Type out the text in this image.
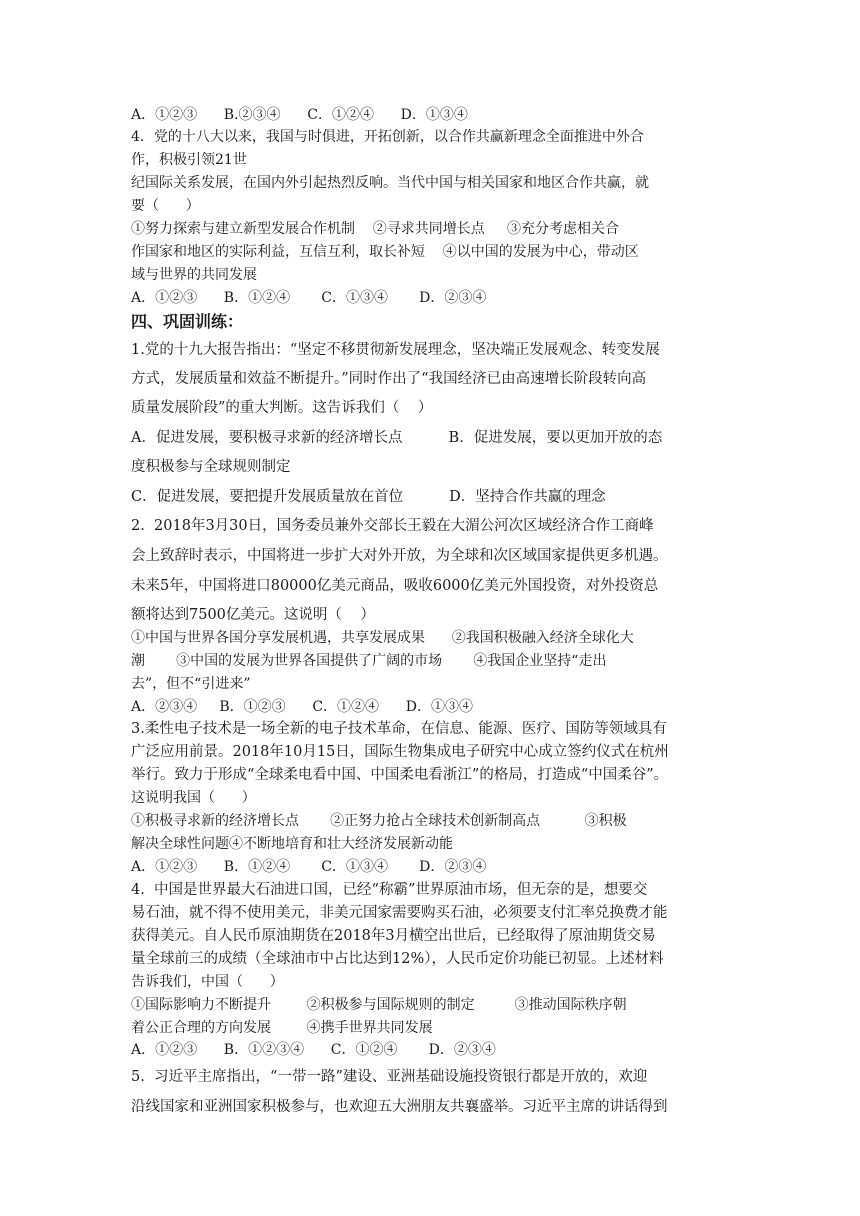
A．①②③      B.②③④      C．①②④      D．①③④
4．党的十八大以来，我国与时俱进，开拓创新，以合作共赢新理念全面推进中外合
作，积极引领21世
纪国际关系发展，在国内外引起热烈反响。当代中国与相关国家和地区合作共赢，就
要（      ）
①努力探索与建立新型发展合作机制    ②寻求共同增长点     ③充分考虑相关合
作国家和地区的实际利益，互信互利，取长补短    ④以中国的发展为中心，带动区
域与世界的共同发展
A．①②③      B．①②④       C．①③④       D．②③④
四、巩固训练：
1.党的十九大报告指出：“坚定不移贯彻新发展理念，坚决端正发展观念、转变发展
方式，发展质量和效益不断提升。”同时作出了“我国经济已由高速增长阶段转向高
质量发展阶段”的重大判断。这告诉我们（    ）
A．促进发展，要积极寻求新的经济增长点          B．促进发展，要以更加开放的态
度积极参与全球规则制定
C．促进发展，要把提升发展质量放在首位          D．坚持合作共赢的理念
2.  2018年3月30日，国务委员兼外交部长王毅在大湄公河次区域经济合作工商峰
会上致辞时表示，中国将进一步扩大对外开放，为全球和次区域国家提供更多机遇。
未来5年，中国将进口80000亿美元商品，吸收6000亿美元外国投资，对外投资总
额将达到7500亿美元。这说明（    ）
①中国与世界各国分享发展机遇，共享发展成果      ②我国积极融入经济全球化大
潮       ③中国的发展为世界各国提供了广阔的市场       ④我国企业坚持“走出
去”，但不“引进来”
A．②③④     B．①②③      C．①②④      D．①③④
3.柔性电子技术是一场全新的电子技术革命，在信息、能源、医疗、国防等领域具有
广泛应用前景。2018年10月15日，国际生物集成电子研究中心成立签约仪式在杭州
举行。致力于形成“全球柔电看中国、中国柔电看浙江”的格局，打造成“中国柔谷”。
这说明我国（      ）
①积极寻求新的经济增长点       ②正努力抢占全球技术创新制高点          ③积极
解决全球性问题④不断地培育和壮大经济发展新动能
A．①②③      B．①②④       C．①③④       D．②③④
4.  中国是世界最大石油进口国，已经“称霸”世界原油市场，但无奈的是，想要交
易石油，就不得不使用美元，非美元国家需要购买石油，必须要支付汇率兑换费才能
获得美元。自人民币原油期货在2018年3月横空出世后，已经取得了原油期货交易
量全球前三的成绩（全球油市中占比达到12%），人民币定价功能已初显。上述材料
告诉我们，中国（      ）
①国际影响力不断提升        ②积极参与国际规则的制定         ③推动国际秩序朝
着公正合理的方向发展        ④携手世界共同发展
A．①②③      B．①②③④      C．①②④       D．②③④
5.  习近平主席指出，“一带一路”建设、亚洲基础设施投资银行都是开放的，欢迎
沿线国家和亚洲国家积极参与，也欢迎五大洲朋友共襄盛举。习近平主席的讲话得到
